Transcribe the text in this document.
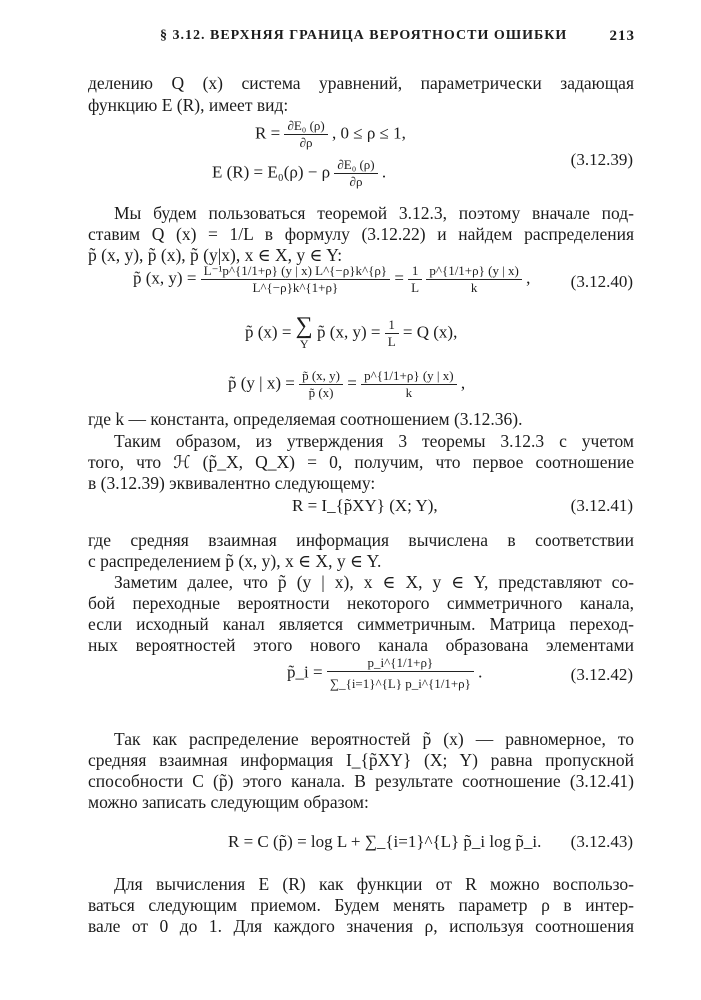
§ 3.12. ВЕРХНЯЯ ГРАНИЦА ВЕРОЯТНОСТИ ОШИБКИ	213

делению Q (x) система уравнений, параметрически задающая

функцию E (R), имеет вид:

$R = \frac{\text{∂E₀ (ρ)}}{\partial\rho}$ , 0 ≤ ρ ≤ 1,
E (R) = E₀(ρ) − ρ $\frac{\text{∂E₀ (ρ)}}{\partial\rho}$ .
(3.12.39)

Мы будем пользоваться теоремой 3.12.3, поэтому вначале под-

ставим Q (x) = 1/L в формулу (3.12.22) и найдем распределения

p̃ (x, y), p̃ (x), p̃ (y|x), x ∈ X, y ∈ Y:

p̃ (x, $y) = \frac{\text{L⁻¹p\textasciicircum{}\{1/1+ρ\} (y | x) L\textasciicircum{}\{−ρ\}k\textasciicircum{}\{ρ\}}}{L\^{}\{-\rho\}k\^{}\{1+\rho\}} = \frac{1}{L}$
$\frac{p\^{}\{1/1+\rho\} (y | x)}{k}$ , (3.12.40)
p̃ (x) = ∑
Y
p̃ (x, $y) = \frac{1}{L} = Q$ (x),
p̃ (y | $x) = \frac{p̃ (x, y)}{p̃ (x)} = \frac{p\^{}\{1/1+\rho\} (y | x)}{k}$ ,

где k — константа, определяемая соотношением (3.12.36).

Таким образом, из утверждения 3 теоремы 3.12.3 с учетом

того, что ℋ (p̃_X, Q_X) = 0, получим, что первое соотношение

в (3.12.39) эквивалентно следующему:

R = I_{p̃XY} (X; Y),	(3.12.41)

где средняя взаимная информация вычислена в соответствии

с распределением p̃ (x, y), x ∈ X, y ∈ Y.

Заметим далее, что p̃ (y | x), x ∈ X, y ∈ Y, представляют со-

бой переходные вероятности некоторого симметричного канала,

если исходный канал является симметричным. Матрица переход-

ных вероятностей этого нового канала образована элементами

p̃_i = $\frac{p\_i\^{}\{1/1+\rho\}}{\sum\_\{i=1\}\^{}\{L\} p\_i\^{}\{1/1+\rho\}}$ .	(3.12.42)

Так как распределение вероятностей p̃ (x) — равномерное, то

средняя взаимная информация I_{p̃XY} (X; Y) равна пропускной

способности C (p̃) этого канала. В результате соотношение (3.12.41)

можно записать следующим образом:

R = C (p̃) = log L + ∑_{i=1}^{L} p̃_i log p̃_i. (3.12.43)

Для вычисления E (R) как функции от R можно воспользо-

ваться следующим приемом. Будем менять параметр ρ в интер-

вале от 0 до 1. Для каждого значения ρ, используя соотношения
